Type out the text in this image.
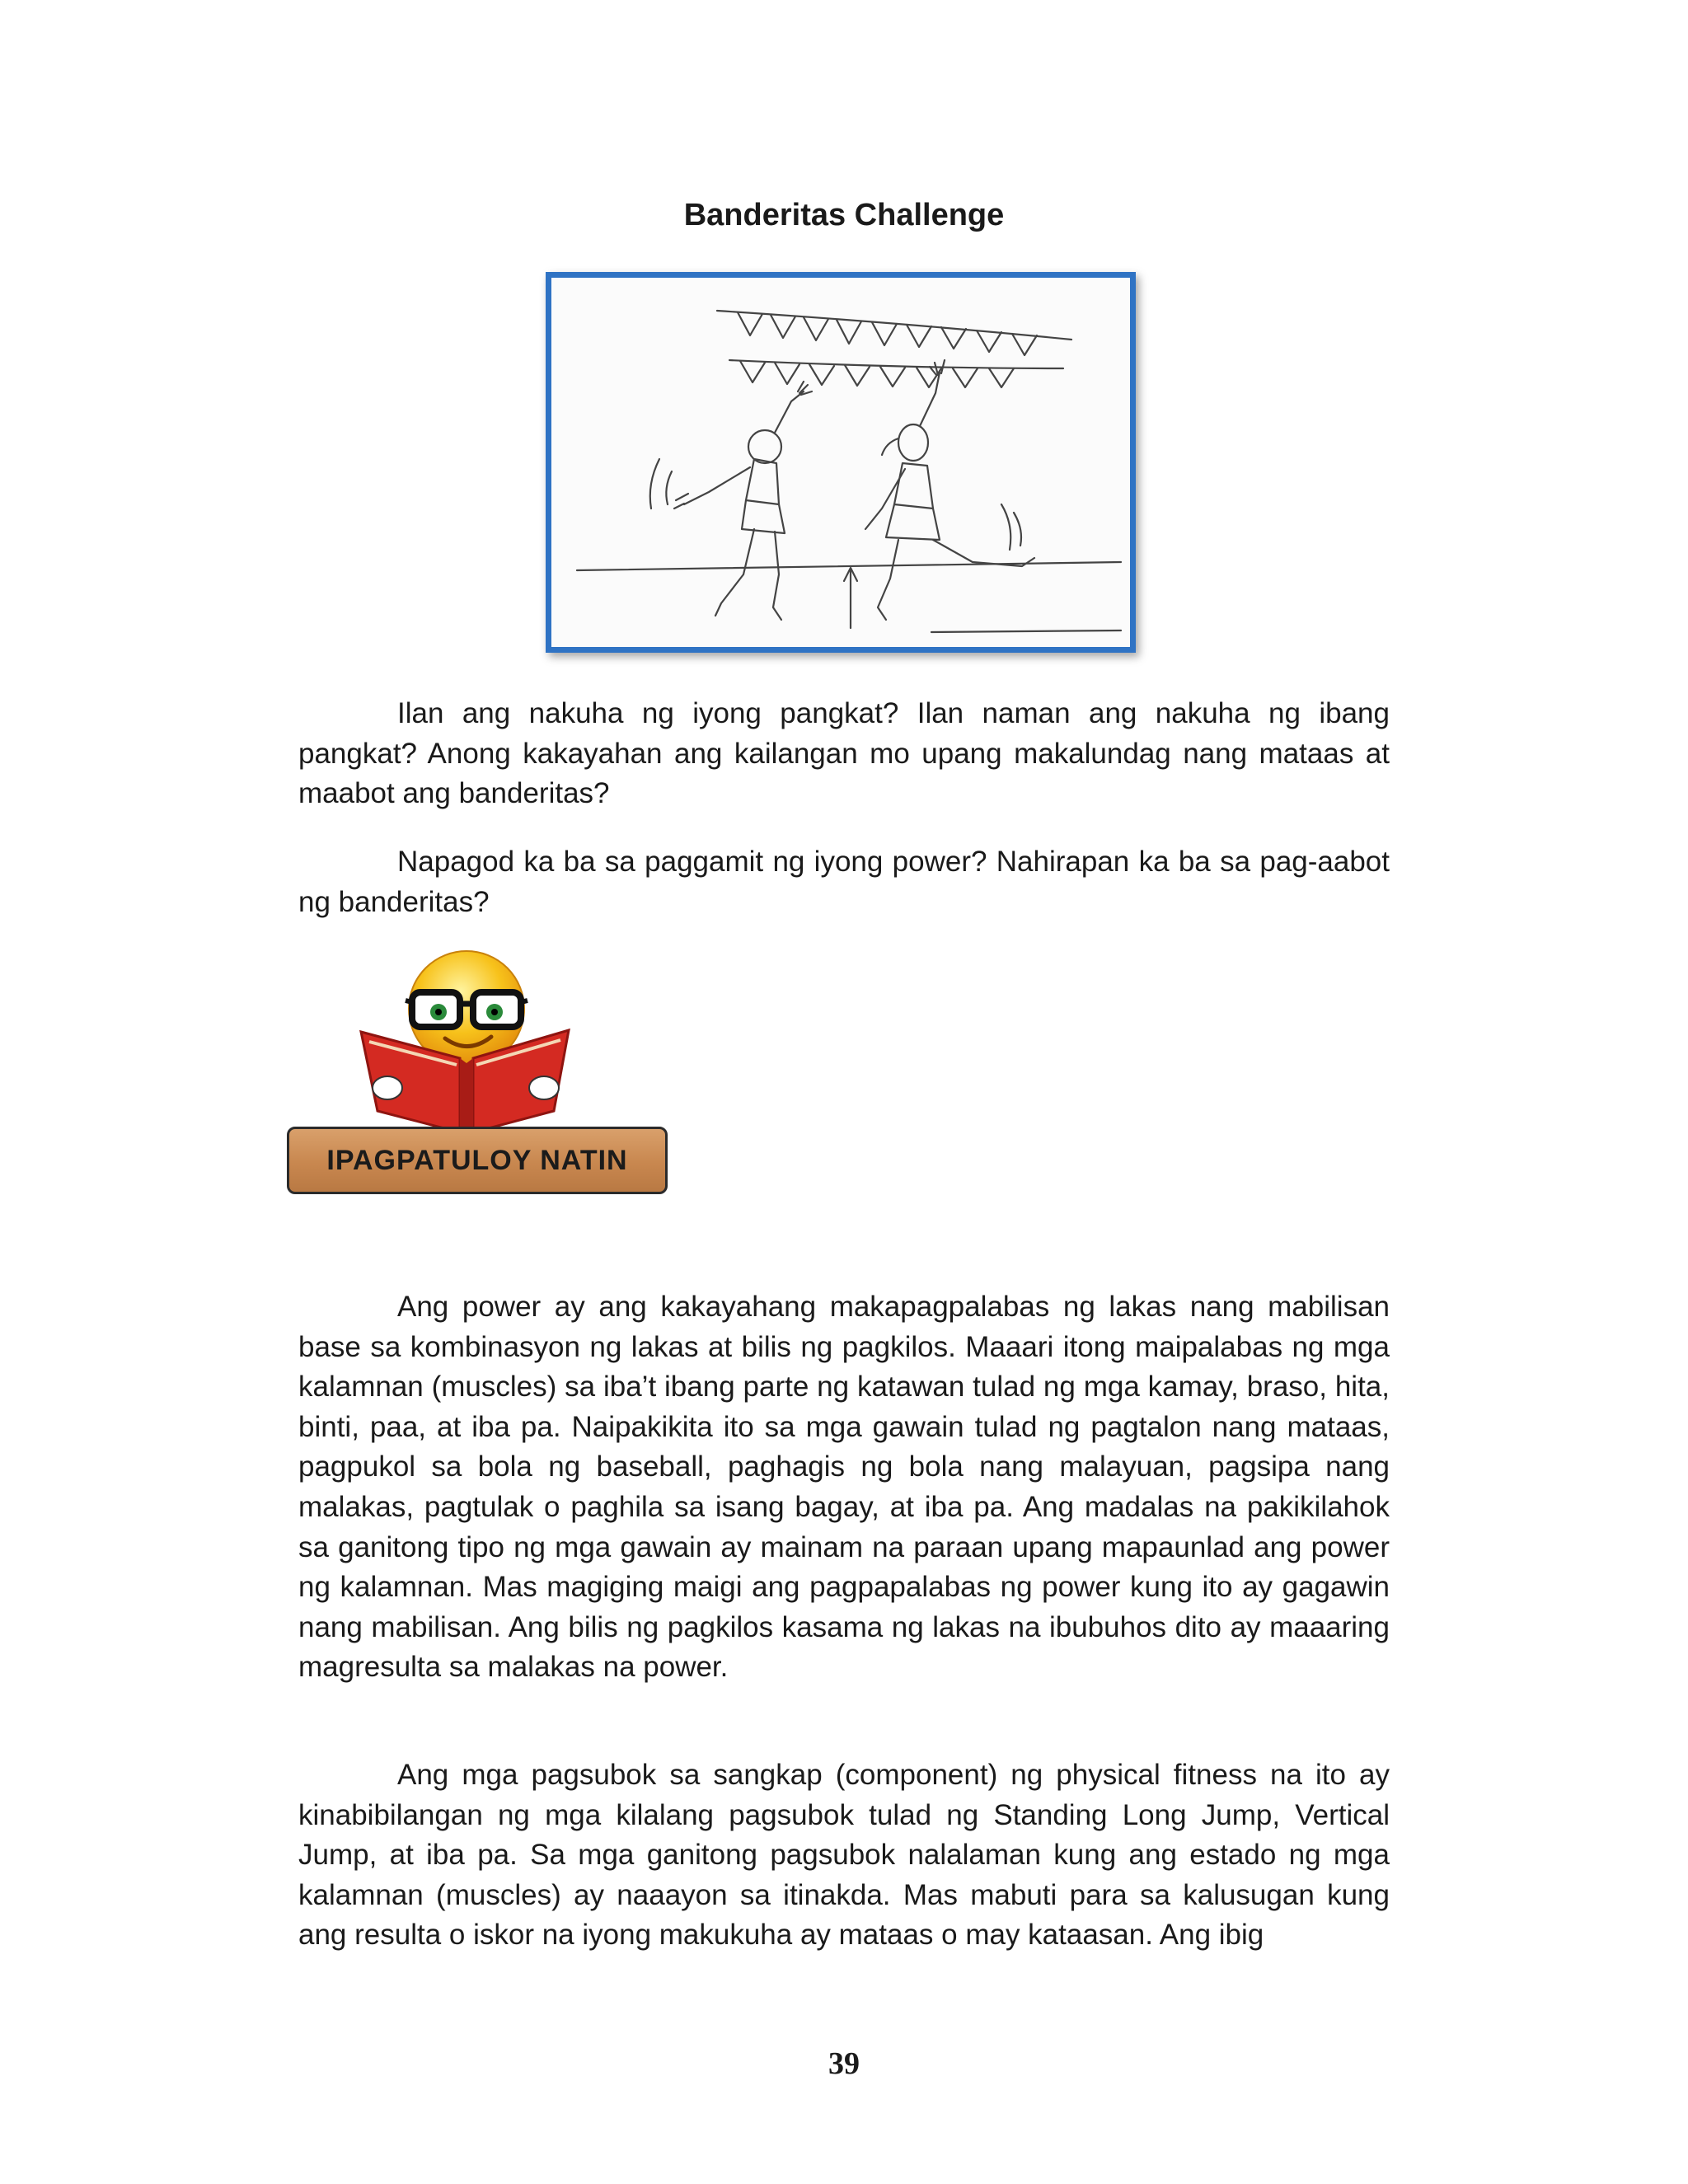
Banderitas Challenge

Ilan ang nakuha ng iyong pangkat? Ilan naman ang nakuha ng ibang pangkat? Anong kakayahan ang kailangan mo upang makalundag nang mataas at maabot ang banderitas?

Napagod ka ba sa paggamit ng iyong power? Nahirapan ka ba sa pag-aabot ng banderitas?

IPAGPATULOY NATIN

Ang power ay ang kakayahang makapagpalabas ng lakas nang mabilisan base sa kombinasyon ng lakas at bilis ng pagkilos. Maaari itong maipalabas ng mga kalamnan (muscles) sa iba’t ibang parte ng katawan tulad ng mga kamay, braso, hita, binti, paa, at iba pa. Naipakikita ito sa mga gawain tulad ng pagtalon nang mataas, pagpukol sa bola ng baseball, paghagis ng bola nang malayuan, pagsipa nang malakas, pagtulak o paghila sa isang bagay, at iba pa. Ang madalas na pakikilahok sa ganitong tipo ng mga gawain ay mainam na paraan upang mapaunlad ang power ng kalamnan. Mas magiging maigi ang pagpapalabas ng power kung ito ay gagawin nang mabilisan. Ang bilis ng pagkilos kasama ng lakas na ibubuhos dito ay maaaring magresulta sa malakas na power.

Ang mga pagsubok sa sangkap (component) ng physical fitness na ito ay kinabibilangan ng mga kilalang pagsubok tulad ng Standing Long Jump, Vertical Jump, at iba pa. Sa mga ganitong pagsubok nalalaman kung ang estado ng mga kalamnan (muscles) ay naaayon sa itinakda. Mas mabuti para sa kalusugan kung ang resulta o iskor na iyong makukuha ay mataas o may kataasan. Ang ibig

39
